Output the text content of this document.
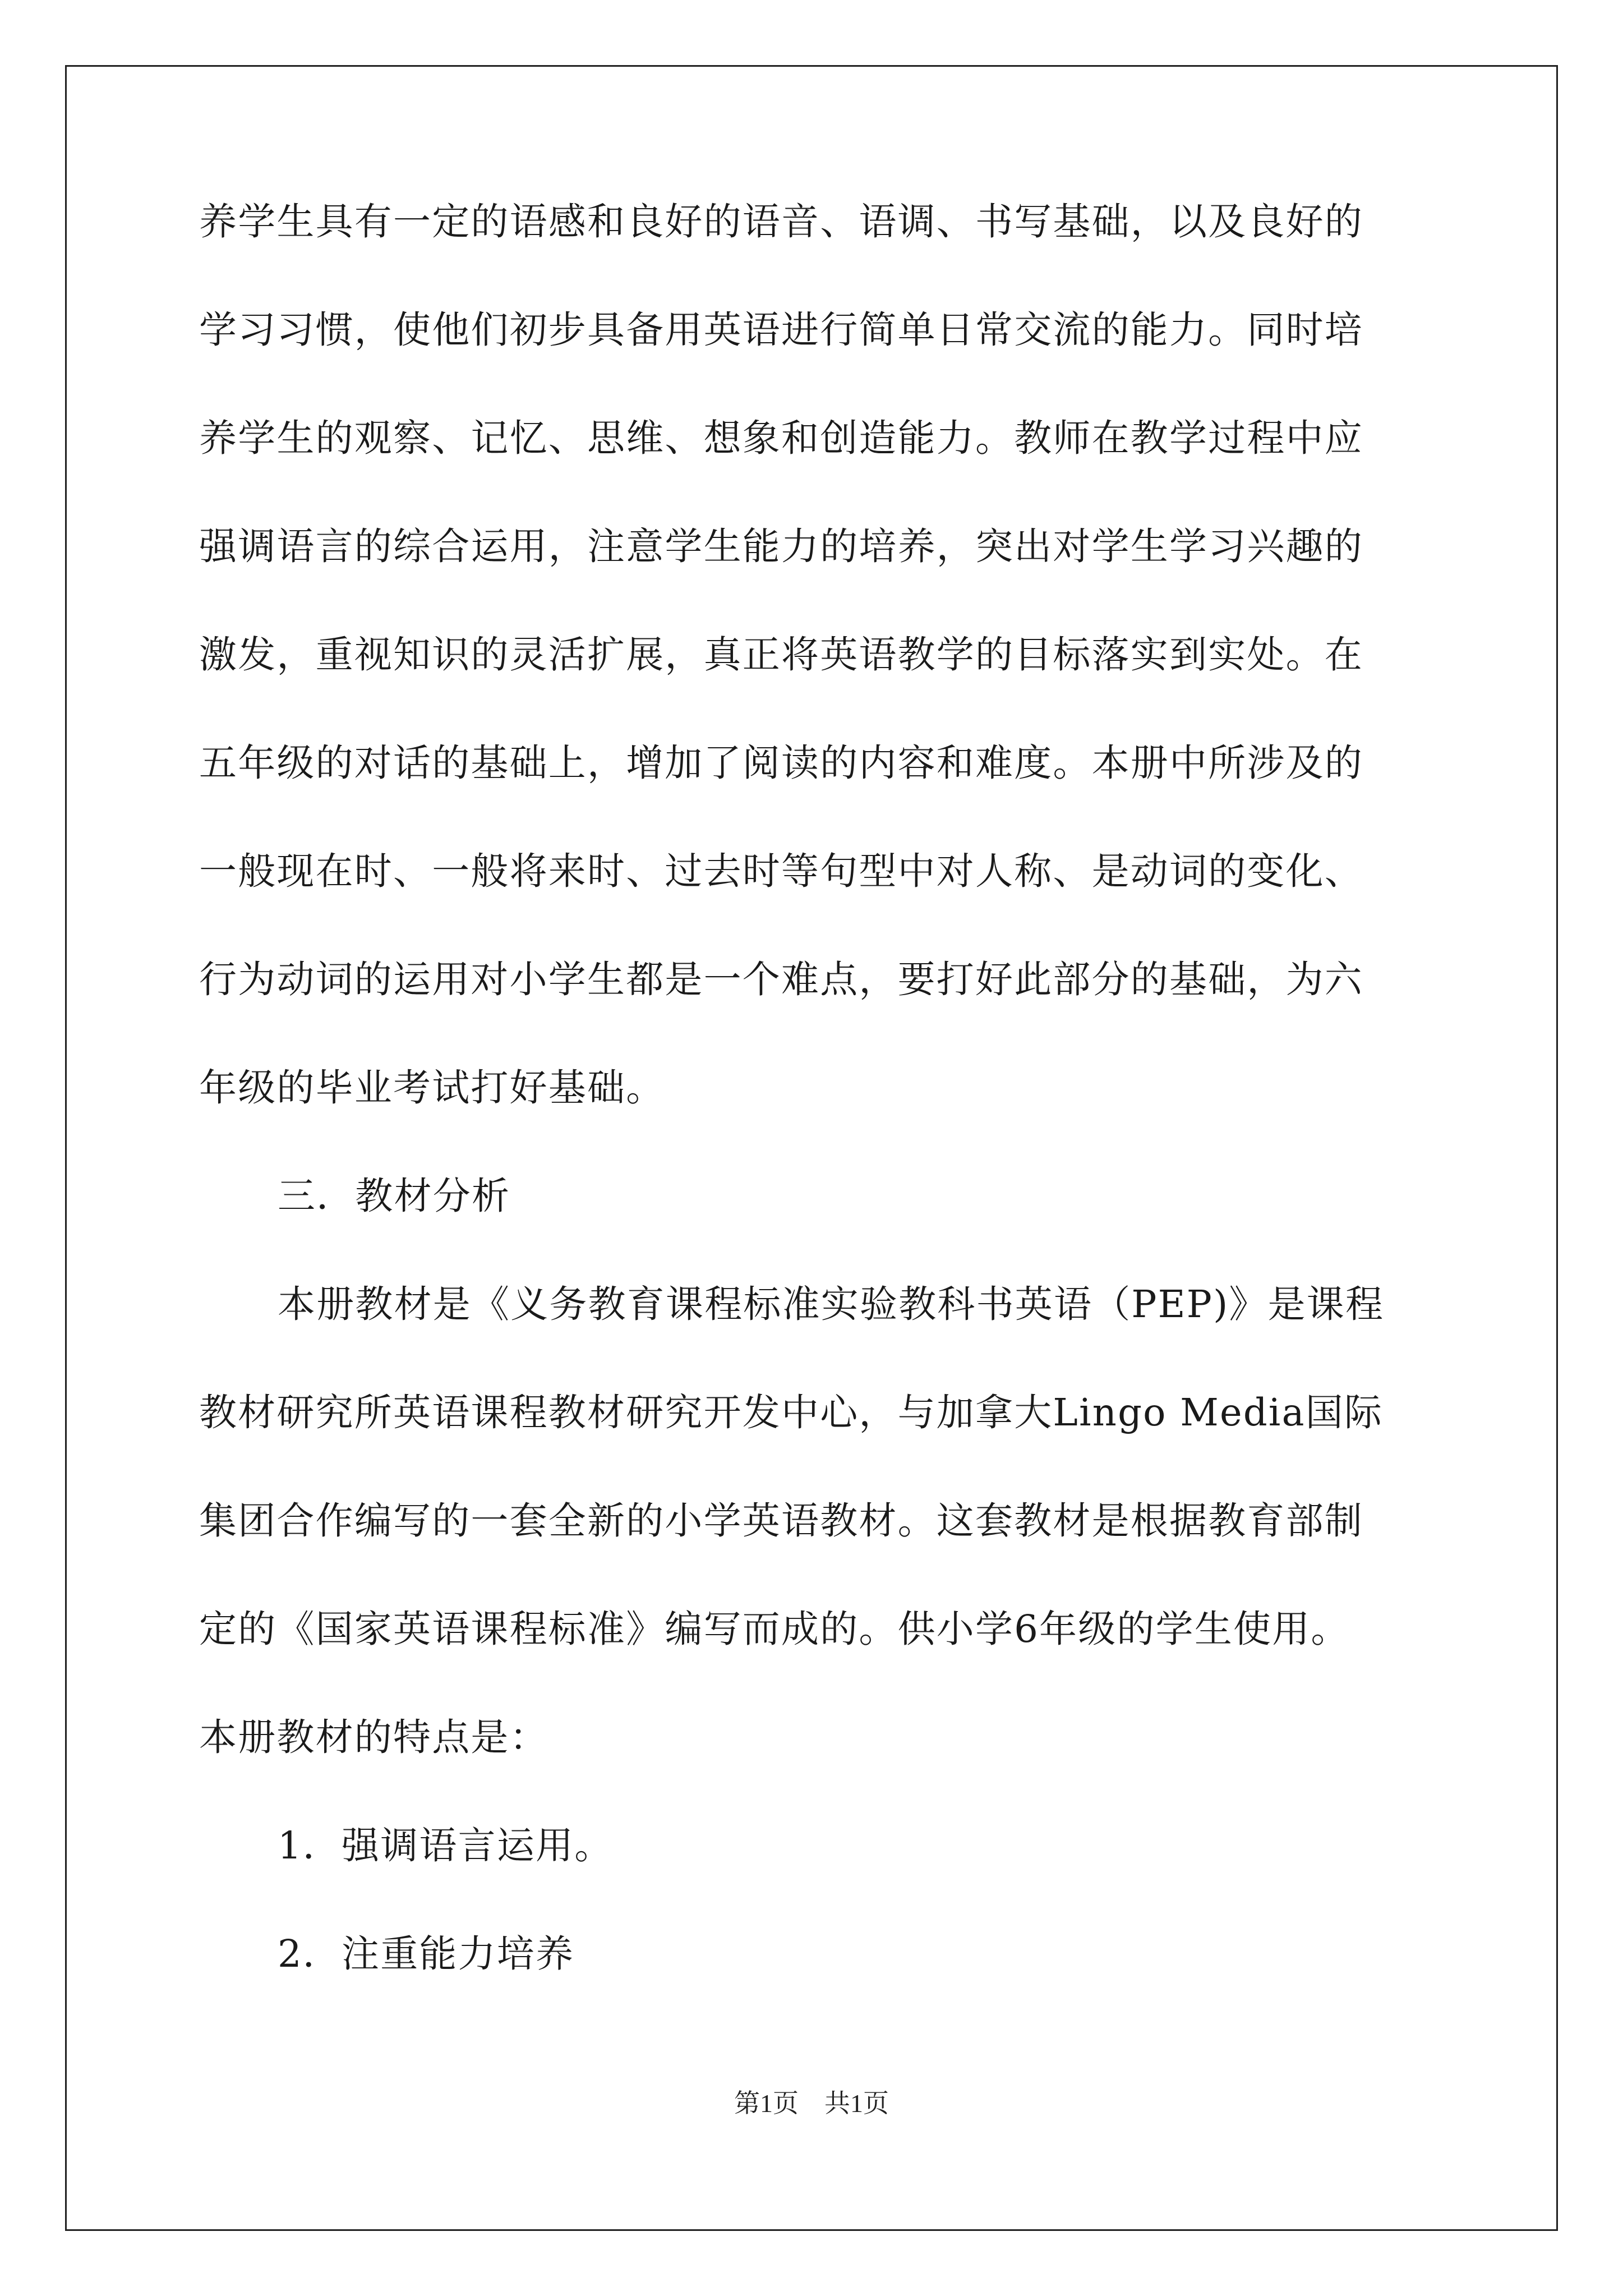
养学生具有一定的语感和良好的语音、语调、书写基础，以及良好的
学习习惯，使他们初步具备用英语进行简单日常交流的能力。同时培
养学生的观察、记忆、思维、想象和创造能力。教师在教学过程中应
强调语言的综合运用，注意学生能力的培养，突出对学生学习兴趣的
激发，重视知识的灵活扩展，真正将英语教学的目标落实到实处。在
五年级的对话的基础上，增加了阅读的内容和难度。本册中所涉及的
一般现在时、一般将来时、过去时等句型中对人称、是动词的变化、
行为动词的运用对小学生都是一个难点，要打好此部分的基础，为六
年级的毕业考试打好基础。
三．教材分析
本册教材是《义务教育课程标准实验教科书英语（PEP)》是课程
教材研究所英语课程教材研究开发中心，与加拿大Lingo Media国际
集团合作编写的一套全新的小学英语教材。这套教材是根据教育部制
定的《国家英语课程标准》编写而成的。供小学6年级的学生使用。
本册教材的特点是：
1．强调语言运用。
2．注重能力培养
第1页　共1页
